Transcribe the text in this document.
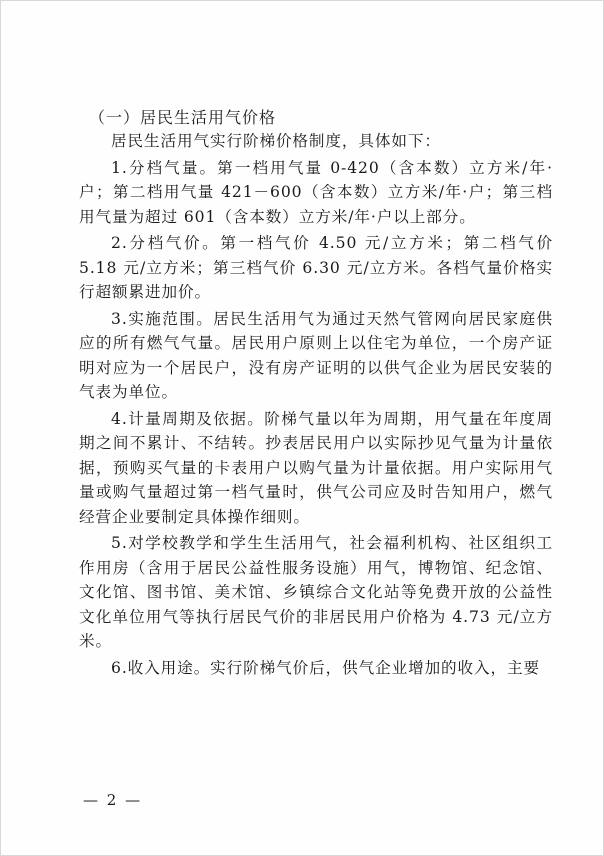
（一）居民生活用气价格

居民生活用气实行阶梯价格制度，具体如下：

1.分档气量。第一档用气量 0-420（含本数）立方米/年·户；第二档用气量 421－600（含本数）立方米/年·户；第三档用气量为超过 601（含本数）立方米/年·户以上部分。

2.分档气价。第一档气价 4.50 元/立方米；第二档气价 5.18 元/立方米；第三档气价 6.30 元/立方米。各档气量价格实行超额累进加价。

3.实施范围。居民生活用气为通过天然气管网向居民家庭供应的所有燃气气量。居民用户原则上以住宅为单位，一个房产证明对应为一个居民户，没有房产证明的以供气企业为居民安装的气表为单位。

4.计量周期及依据。阶梯气量以年为周期，用气量在年度周期之间不累计、不结转。抄表居民用户以实际抄见气量为计量依据，预购买气量的卡表用户以购气量为计量依据。用户实际用气量或购气量超过第一档气量时，供气公司应及时告知用户，燃气经营企业要制定具体操作细则。

5.对学校教学和学生生活用气，社会福利机构、社区组织工作用房（含用于居民公益性服务设施）用气，博物馆、纪念馆、文化馆、图书馆、美术馆、乡镇综合文化站等免费开放的公益性文化单位用气等执行居民气价的非居民用户价格为 4.73 元/立方米。

6.收入用途。实行阶梯气价后，供气企业增加的收入，主要

— 2 —
